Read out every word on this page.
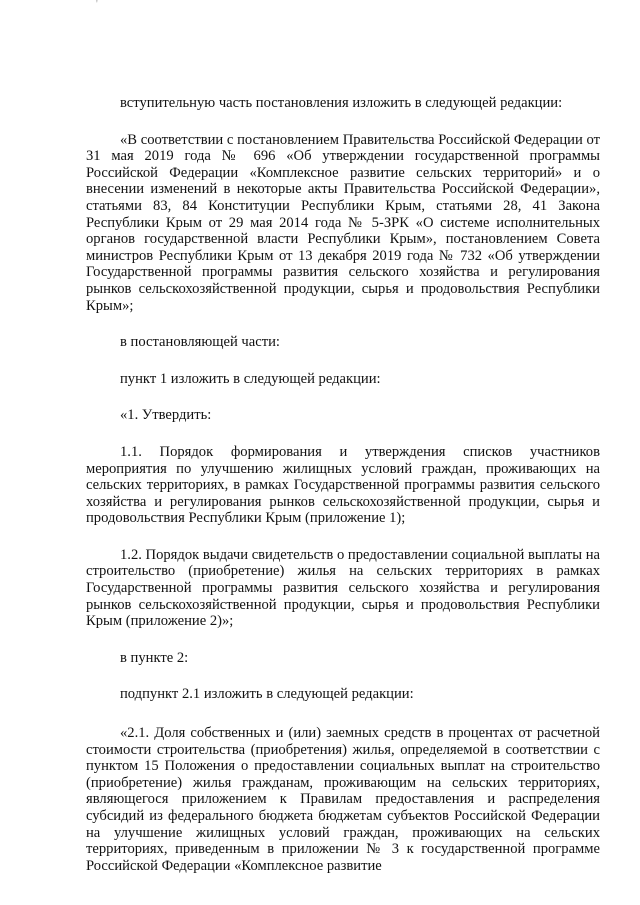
'

вступительную часть постановления изложить в следующей редакции:

«В соответствии с постановлением Правительства Российской Федерации от 31 мая 2019 года № 696 «Об утверждении государственной программы Российской Федерации «Комплексное развитие сельских территорий» и о внесении изменений в некоторые акты Правительства Российской Федерации», статьями 83, 84 Конституции Республики Крым, статьями 28, 41 Закона Республики Крым от 29 мая 2014 года № 5-ЗРК «О системе исполнительных органов государственной власти Республики Крым», постановлением Совета министров Республики Крым от 13 декабря 2019 года № 732 «Об утверждении Государственной программы развития сельского хозяйства и регулирования рынков сельскохозяйственной продукции, сырья и продовольствия Республики Крым»;

в постановляющей части:

пункт 1 изложить в следующей редакции:

«1. Утвердить:

1.1. Порядок формирования и утверждения списков участников мероприятия по улучшению жилищных условий граждан, проживающих на сельских территориях, в рамках Государственной программы развития сельского хозяйства и регулирования рынков сельскохозяйственной продукции, сырья и продовольствия Республики Крым (приложение 1);

1.2. Порядок выдачи свидетельств о предоставлении социальной выплаты на строительство (приобретение) жилья на сельских территориях в рамках Государственной программы развития сельского хозяйства и регулирования рынков сельскохозяйственной продукции, сырья и продовольствия Республики Крым (приложение 2)»;

в пункте 2:

подпункт 2.1 изложить в следующей редакции:

«2.1. Доля собственных и (или) заемных средств в процентах от расчетной стоимости строительства (приобретения) жилья, определяемой в соответствии с пунктом 15 Положения о предоставлении социальных выплат на строительство (приобретение) жилья гражданам, проживающим на сельских территориях, являющегося приложением к Правилам предоставления и распределения субсидий из федерального бюджета бюджетам субъектов Российской Федерации на улучшение жилищных условий граждан, проживающих на сельских территориях, приведенным в приложении № 3 к государственной программе Российской Федерации «Комплексное развитие
